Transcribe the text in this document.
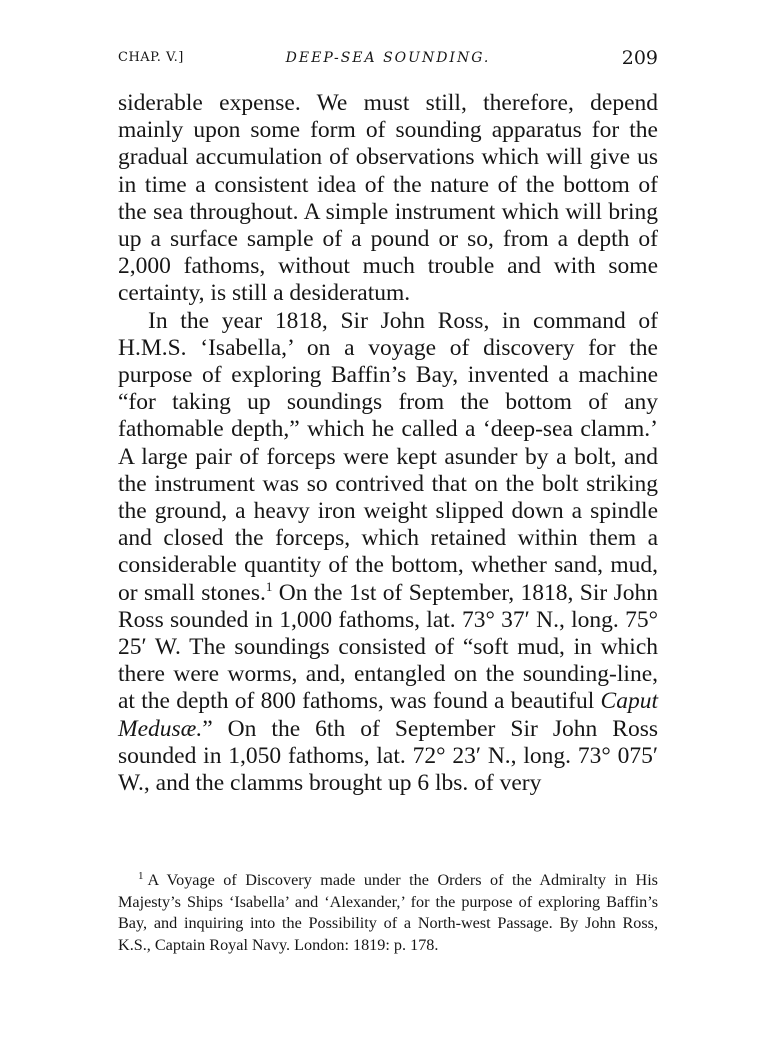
CHAP. V.]	DEEP-SEA SOUNDING.	209

siderable expense. We must still, therefore, depend mainly upon some form of sounding apparatus for the gradual accumulation of observations which will give us in time a consistent idea of the nature of the bottom of the sea throughout. A simple instrument which will bring up a surface sample of a pound or so, from a depth of 2,000 fathoms, without much trouble and with some certainty, is still a desideratum.

In the year 1818, Sir John Ross, in command of H.M.S. ‘Isabella,’ on a voyage of discovery for the purpose of exploring Baffin’s Bay, invented a machine “for taking up soundings from the bottom of any fathomable depth,” which he called a ‘deep-sea clamm.’ A large pair of forceps were kept asunder by a bolt, and the instrument was so contrived that on the bolt striking the ground, a heavy iron weight slipped down a spindle and closed the forceps, which retained within them a considerable quantity of the bottom, whether sand, mud, or small stones.$^1$ On the 1st of September, 1818, Sir John Ross sounded in 1,000 fathoms, lat. 73° 37′ N., long. 75° 25′ W. The soundings consisted of “soft mud, in which there were worms, and, entangled on the sounding-line, at the depth of 800 fathoms, was found a beautiful Caput Medusæ.” On the 6th of September Sir John Ross sounded in 1,050 fathoms, lat. 72° 23′ N., long. 73° 075′ W., and the clamms brought up 6 lbs. of very

$^1$ A Voyage of Discovery made under the Orders of the Admiralty in His Majesty’s Ships ‘Isabella’ and ‘Alexander,’ for the purpose of exploring Baffin’s Bay, and inquiring into the Possibility of a North-west Passage. By John Ross, K.S., Captain Royal Navy. London: 1819: p. 178.
